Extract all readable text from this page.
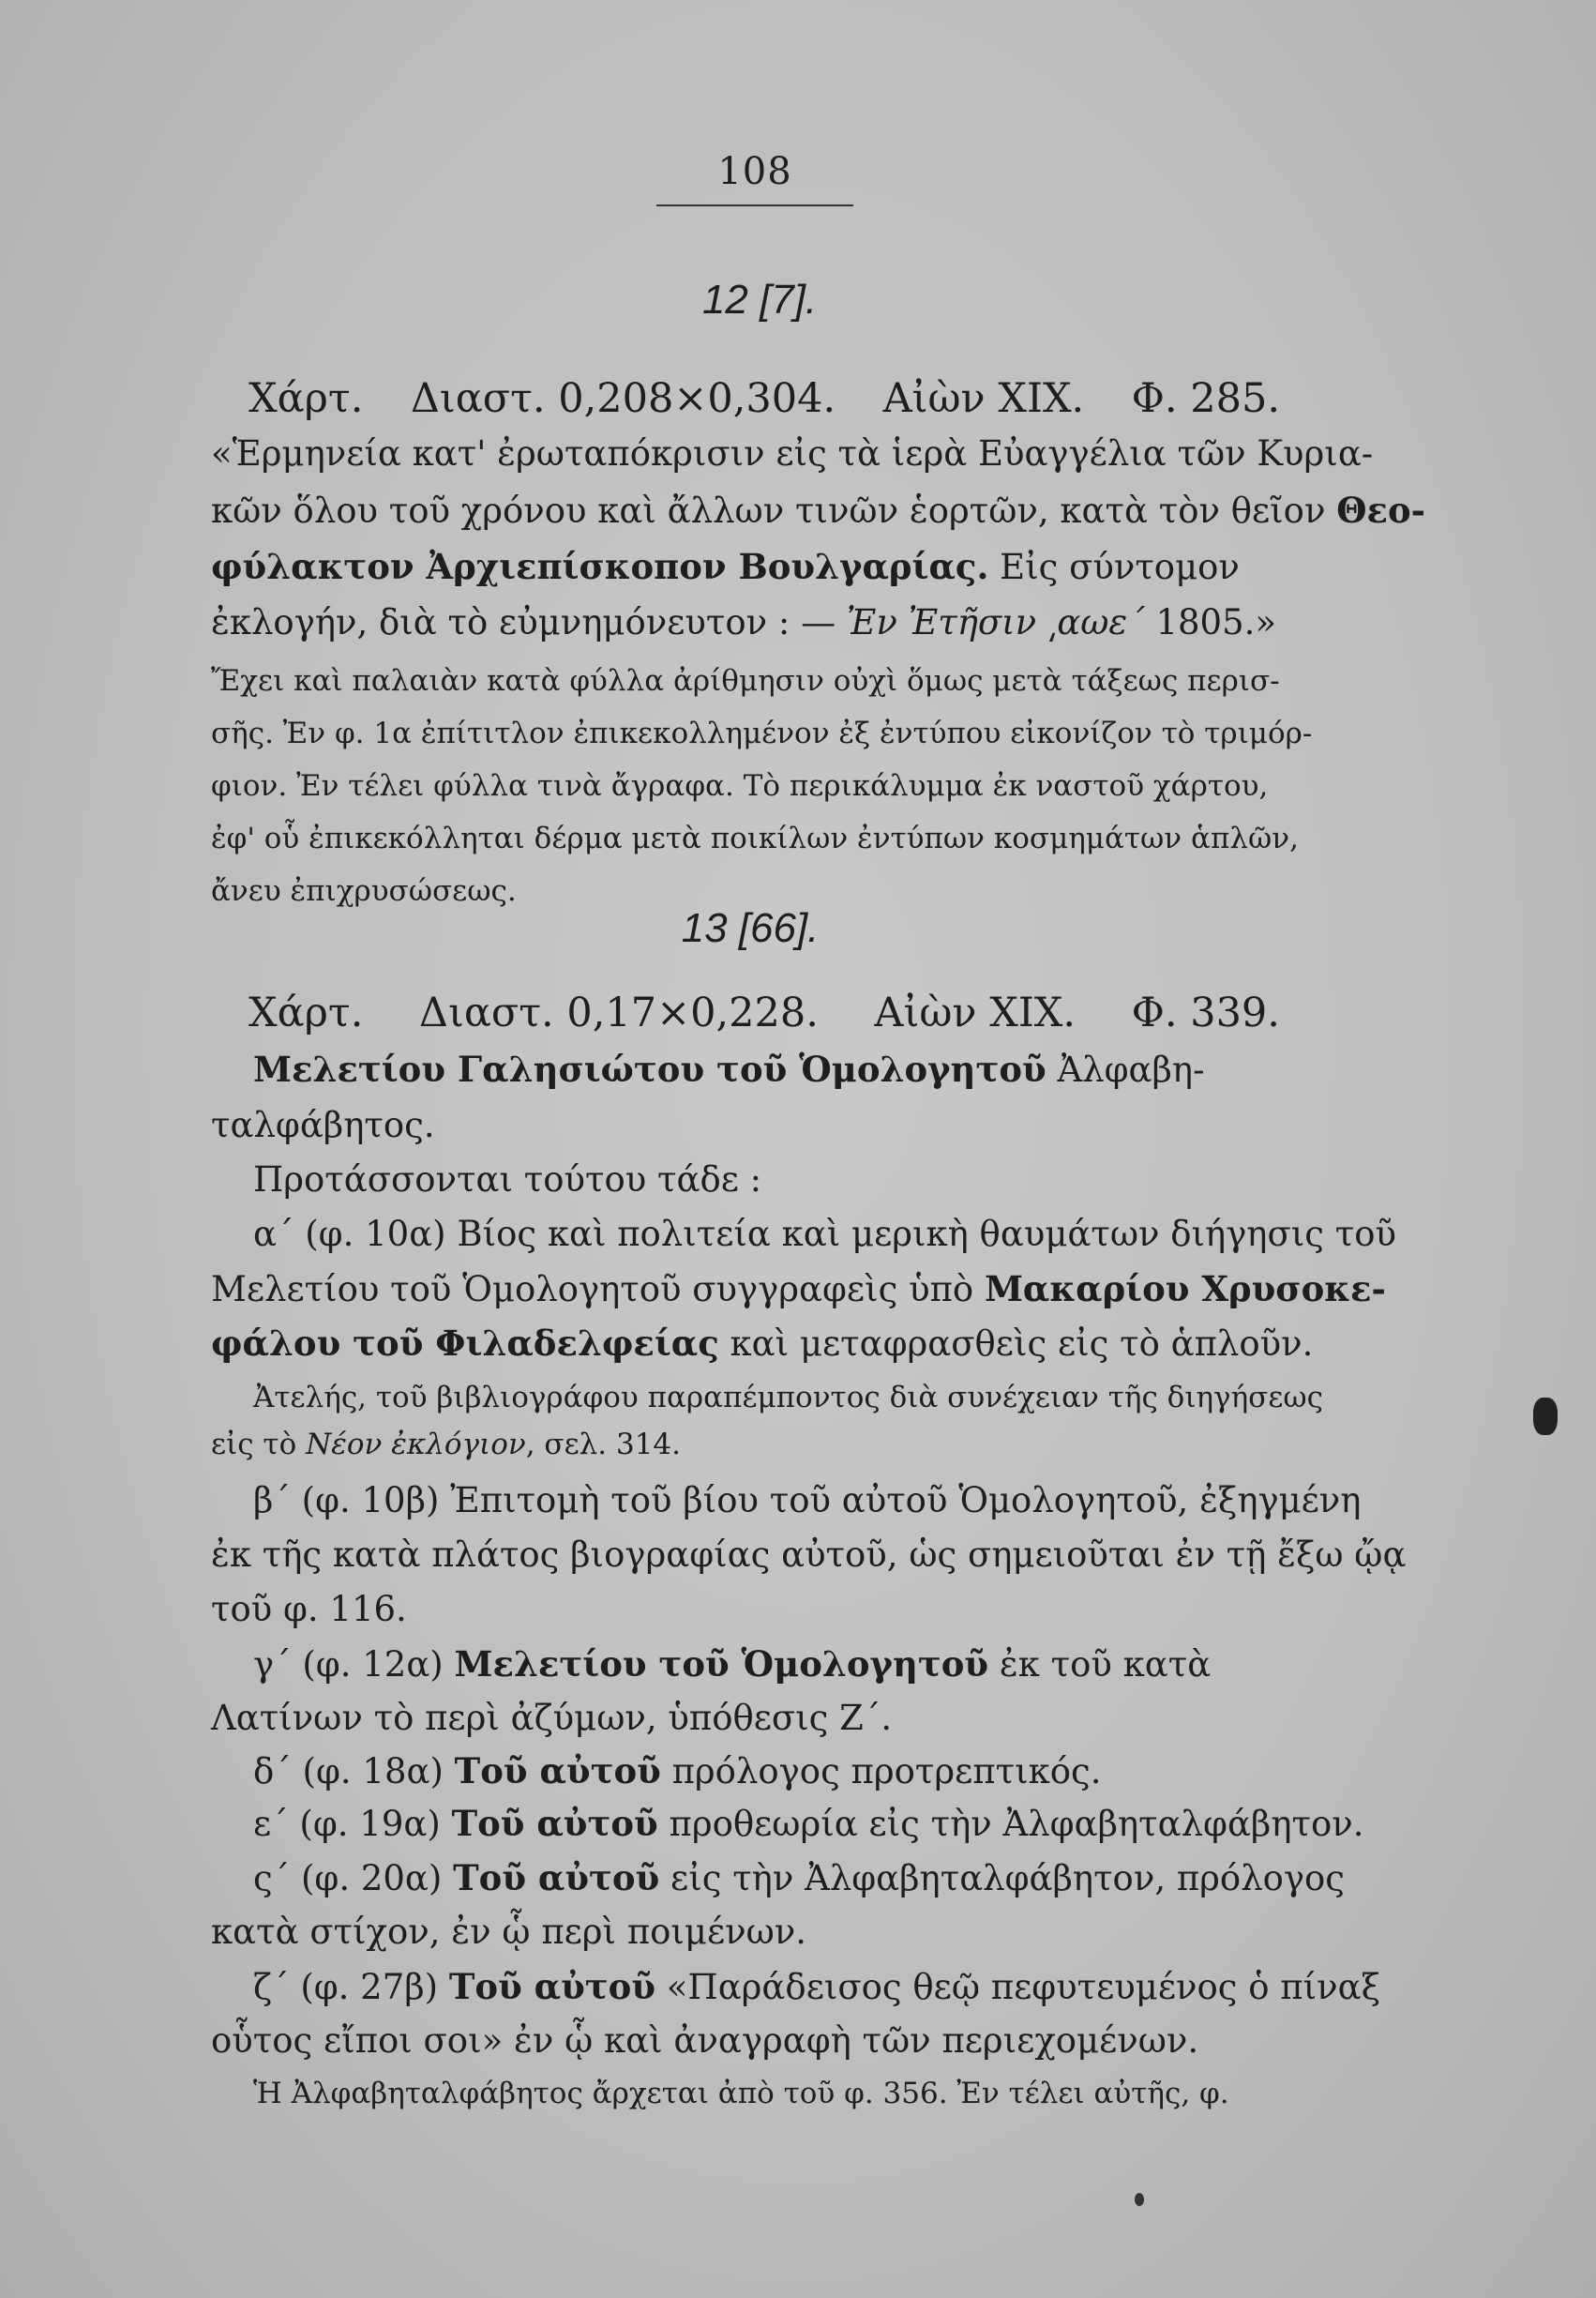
108
12 [7].
Χάρτ. Διαστ. 0,208×0,304. Αἰὼν XIX. Φ. 285.
«Ἑρμηνεία κατ' ἐρωταπόκρισιν εἰς τὰ ἱερὰ Εὐαγγέλια τῶν Κυρια-
κῶν ὅλου τοῦ χρόνου καὶ ἄλλων τινῶν ἑορτῶν, κατὰ τὸν θεῖον Θεο-
φύλακτον Ἀρχιεπίσκοπον Βουλγαρίας. Εἰς σύντομον
ἐκλογήν, διὰ τὸ εὐμνημόνευτον : — Ἐν Ἐτῆσιν ͵αωε΄ 1805.»
Ἔχει καὶ παλαιὰν κατὰ φύλλα ἀρίθμησιν οὐχὶ ὅμως μετὰ τάξεως περισ-
σῆς. Ἐν φ. 1α ἐπίτιτλον ἐπικεκολλημένον ἐξ ἐντύπου εἰκονίζον τὸ τριμόρ-
φιον. Ἐν τέλει φύλλα τινὰ ἄγραφα. Τὸ περικάλυμμα ἐκ ναστοῦ χάρτου,
ἐφ' οὗ ἐπικεκόλληται δέρμα μετὰ ποικίλων ἐντύπων κοσμημάτων ἁπλῶν,
ἄνευ ἐπιχρυσώσεως.
13 [66].
Χάρτ. Διαστ. 0,17×0,228. Αἰὼν XIX. Φ. 339.
Μελετίου Γαλησιώτου τοῦ Ὁμολογητοῦ Ἀλφαβη-
ταλφάβητος.
Προτάσσονται τούτου τάδε :
α΄ (φ. 10α) Βίος καὶ πολιτεία καὶ μερικὴ θαυμάτων διήγησις τοῦ
Μελετίου τοῦ Ὁμολογητοῦ συγγραφεὶς ὑπὸ Μακαρίου Χρυσοκε-
φάλου τοῦ Φιλαδελφείας καὶ μεταφρασθεὶς εἰς τὸ ἁπλοῦν.
Ἀτελής, τοῦ βιβλιογράφου παραπέμποντος διὰ συνέχειαν τῆς διηγήσεως
εἰς τὸ Νέον ἐκλόγιον, σελ. 314.
β΄ (φ. 10β) Ἐπιτομὴ τοῦ βίου τοῦ αὐτοῦ Ὁμολογητοῦ, ἐξηγμένη
ἐκ τῆς κατὰ πλάτος βιογραφίας αὐτοῦ, ὡς σημειοῦται ἐν τῇ ἔξω ᾤᾳ
τοῦ φ. 116.
γ΄ (φ. 12α) Μελετίου τοῦ Ὁμολογητοῦ ἐκ τοῦ κατὰ
Λατίνων τὸ περὶ ἀζύμων, ὑπόθεσις Ζ΄.
δ΄ (φ. 18α) Τοῦ αὐτοῦ πρόλογος προτρεπτικός.
ε΄ (φ. 19α) Τοῦ αὐτοῦ προθεωρία εἰς τὴν Ἀλφαβηταλφάβητον.
ς΄ (φ. 20α) Τοῦ αὐτοῦ εἰς τὴν Ἀλφαβηταλφάβητον, πρόλογος
κατὰ στίχον, ἐν ᾧ περὶ ποιμένων.
ζ΄ (φ. 27β) Τοῦ αὐτοῦ «Παράδεισος θεῷ πεφυτευμένος ὁ πίναξ
οὗτος εἴποι σοι» ἐν ᾧ καὶ ἀναγραφὴ τῶν περιεχομένων.
Ἡ Ἀλφαβηταλφάβητος ἄρχεται ἀπὸ τοῦ φ. 356. Ἐν τέλει αὐτῆς, φ.
